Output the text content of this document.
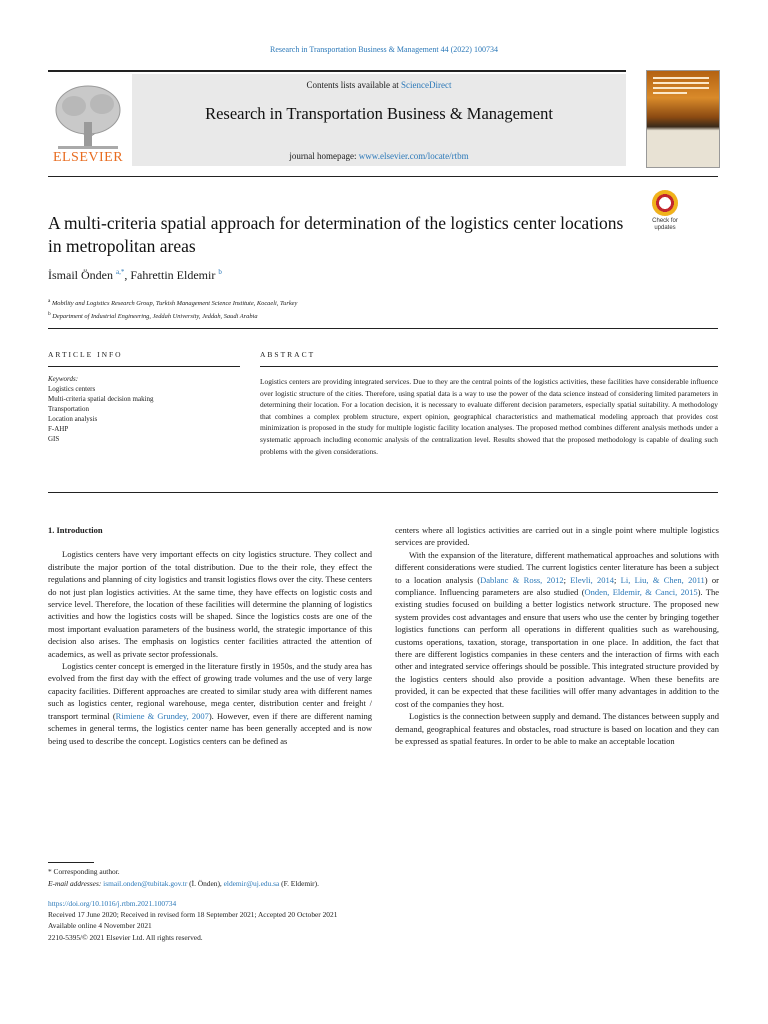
Research in Transportation Business & Management 44 (2022) 100734
ELSEVIER
Contents lists available at ScienceDirect
Research in Transportation Business & Management
journal homepage: www.elsevier.com/locate/rtbm
A multi-criteria spatial approach for determination of the logistics center locations in metropolitan areas
Check for updates
İsmail Önden $^{a,*}$, Fahrettin Eldemir $^b$
$^a$ Mobility and Logistics Research Group, Turkish Management Science Institute, Kocaeli, Turkey
$^b$ Department of Industrial Engineering, Jeddah University, Jeddah, Saudi Arabia
ARTICLE INFO	ABSTRACT
Keywords:
Logistics centers
Multi-criteria spatial decision making
Transportation
Location analysis
F-AHP
GIS
Logistics centers are providing integrated services. Due to they are the central points of the logistics activities, these facilities have considerable influence over logistic structure of the cities. Therefore, using spatial data is a way to use the power of the data science instead of considering limited parameters in determining their location. For a location decision, it is necessary to evaluate different decision parameters, especially spatial suitability. A methodology that combines a complex problem structure, expert opinion, geographical characteristics and mathematical modeling approach that provides cost minimization is proposed in the study for multiple logistic facility location analyses. The proposed method combines different analysis methods under a systematic approach including economic analysis of the centralization level. Results showed that the proposed methodology is capable of dealing such problems with the given considerations.
1. Introduction

Logistics centers have very important effects on city logistics structure. They collect and distribute the major portion of the total distribution. Due to the their role, they effect the regulations and planning of city logistics and transit logistics flows over the city. These centers do not just plan logistics activities. At the same time, they have effects on logistic costs and service level. Therefore, the location of these facilities will determine the planning of logistics activities and how the logistics costs will be shaped. Since the logistics costs are one of the most important evaluation parameters of the business world, the strategic importance of this decision also arises. The emphasis on logistics center facilities attracted the attention of academics, as well as private sector professionals.

Logistics center concept is emerged in the literature firstly in 1950s, and the study area has evolved from the first day with the effect of growing trade volumes and the use of very large capacity facilities. Different approaches are created to similar study area with different names such as logistics center, regional warehouse, mega center, distribution center and freight / transport terminal (Rimiene & Grundey, 2007). However, even if there are different naming schemes in general terms, the logistics center name has been generally accepted and is now being used to describe the concept. Logistics centers can be defined as

centers where all logistics activities are carried out in a single point where multiple logistics services are provided.

With the expansion of the literature, different mathematical approaches and solutions with different considerations were studied. The current logistics center literature has been a subject to a location analysis (Dablanc & Ross, 2012; Elevli, 2014; Li, Liu, & Chen, 2011) or compliance. Influencing parameters are also studied (Onden, Eldemir, & Canci, 2015). The existing studies focused on building a better logistics network structure. The proposed new system provides cost advantages and ensure that users who use the center by bringing together logistics functions can perform all operations in different qualities such as warehousing, customs operations, taxation, storage, transportation in one place. In addition, the fact that there are different logistics companies in these centers and the interaction of firms with each other and integrated service offerings should be possible. This integrated structure provided by the logistics centers should also provide a position advantage. When these benefits are provided, it can be expected that these facilities will offer many advantages in addition to the cost of the companies they host.

Logistics is the connection between supply and demand. The distances between supply and demand, geographical features and obstacles, road structure is based on location and they can be expressed as spatial features. In order to be able to make an acceptable location

* Corresponding author.
E-mail addresses: ismail.onden@tubitak.gov.tr (İ. Önden), eldemir@uj.edu.sa (F. Eldemir).
https://doi.org/10.1016/j.rtbm.2021.100734
Received 17 June 2020; Received in revised form 18 September 2021; Accepted 20 October 2021
Available online 4 November 2021
2210-5395/© 2021 Elsevier Ltd. All rights reserved.
